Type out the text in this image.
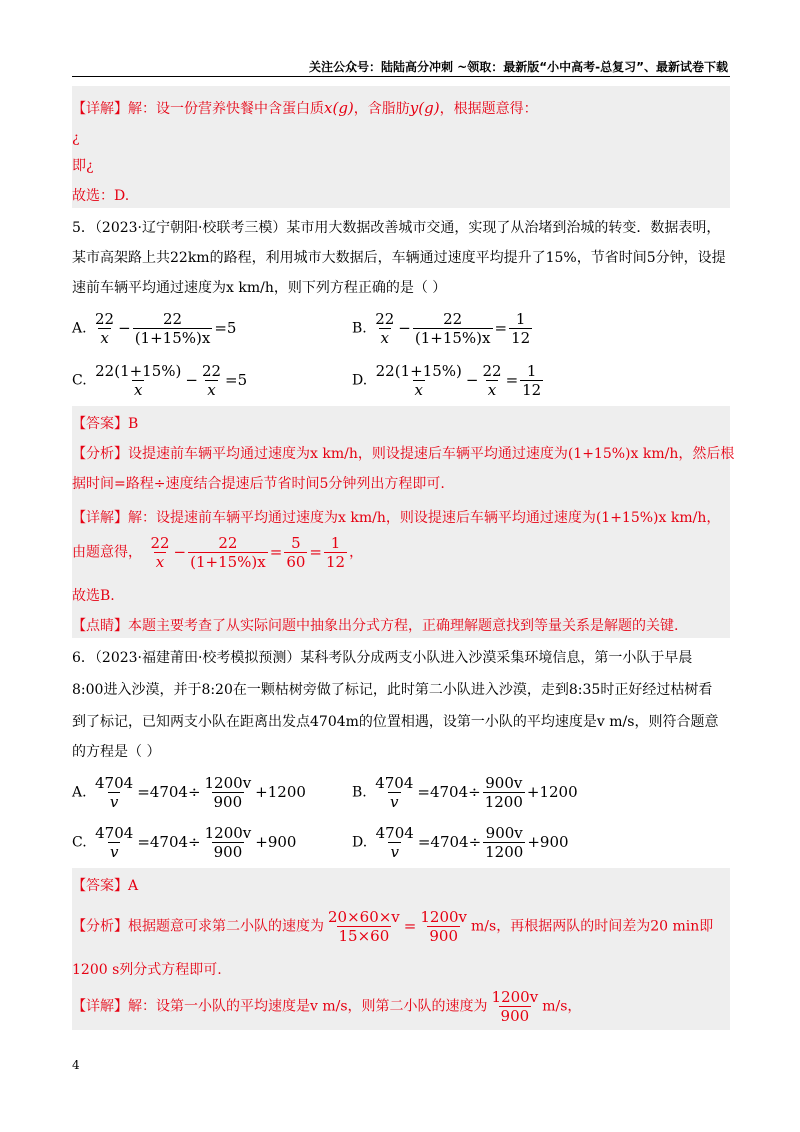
关注公众号：陆陆高分冲刺 ~领取：最新版“小中高考-总复习”、最新试卷下载
【详解】解：设一份营养快餐中含蛋白质x(g)，含脂肪y(g)，根据题意得：
¿
即¿
故选：D.
5．（2023·辽宁朝阳·校联考三模）某市用大数据改善城市交通，实现了从治堵到治城的转变．数据表明，
某市高架路上共22km的路程，利用城市大数据后，车辆通过速度平均提升了15%，节省时间5分钟，设提
速前车辆平均通过速度为x km/h，则下列方程正确的是（ ）
A. $\frac{22}{x} - \frac{22}{(1+15\%)x} =5$	B. $\frac{22}{x} - \frac{22}{(1+15\%)x} = \frac{1}{12}$
C. $\frac{22(1+15\%)}{x} - \frac{22}{x} =5$	D. $\frac{22(1+15\%)}{x} - \frac{22}{x} = \frac{1}{12}$
【答案】B
【分析】设提速前车辆平均通过速度为x km/h，则设提速后车辆平均通过速度为(1+15%)x km/h，然后根
据时间=路程÷速度结合提速后节省时间5分钟列出方程即可.
【详解】解：设提速前车辆平均通过速度为x km/h，则设提速后车辆平均通过速度为(1+15%)x km/h，
由题意得， $\frac{22}{x} - \frac{22}{(1+15\%)x} = \frac{5}{60} = \frac{1}{12}$ ，
故选B.
【点睛】本题主要考查了从实际问题中抽象出分式方程，正确理解题意找到等量关系是解题的关键.
6．（2023·福建莆田·校考模拟预测）某科考队分成两支小队进入沙漠采集环境信息，第一小队于早晨
8:00进入沙漠，并于8:20在一颗枯树旁做了标记，此时第二小队进入沙漠，走到8:35时正好经过枯树看
到了标记，已知两支小队在距离出发点4704m的位置相遇，设第一小队的平均速度是v m/s，则符合题意
的方程是（ ）
A. $\frac{4704}{v} =4704\div \frac{1200v}{900} +1200$	B. $\frac{4704}{v} =4704\div \frac{900v}{1200} +1200$
C. $\frac{4704}{v} =4704\div \frac{1200v}{900} +900$	D. $\frac{4704}{v} =4704\div \frac{900v}{1200} +900$
【答案】A
【分析】根据题意可求第二小队的速度为 $\frac{20\times 60\times v}{15\times 60} = \frac{1200v}{900} m/s$，再根据两队的时间差为20 min即
1200 s列分式方程即可.
【详解】解：设第一小队的平均速度是v m/s，则第二小队的速度为 $\frac{1200v}{900} m/s$，
4
